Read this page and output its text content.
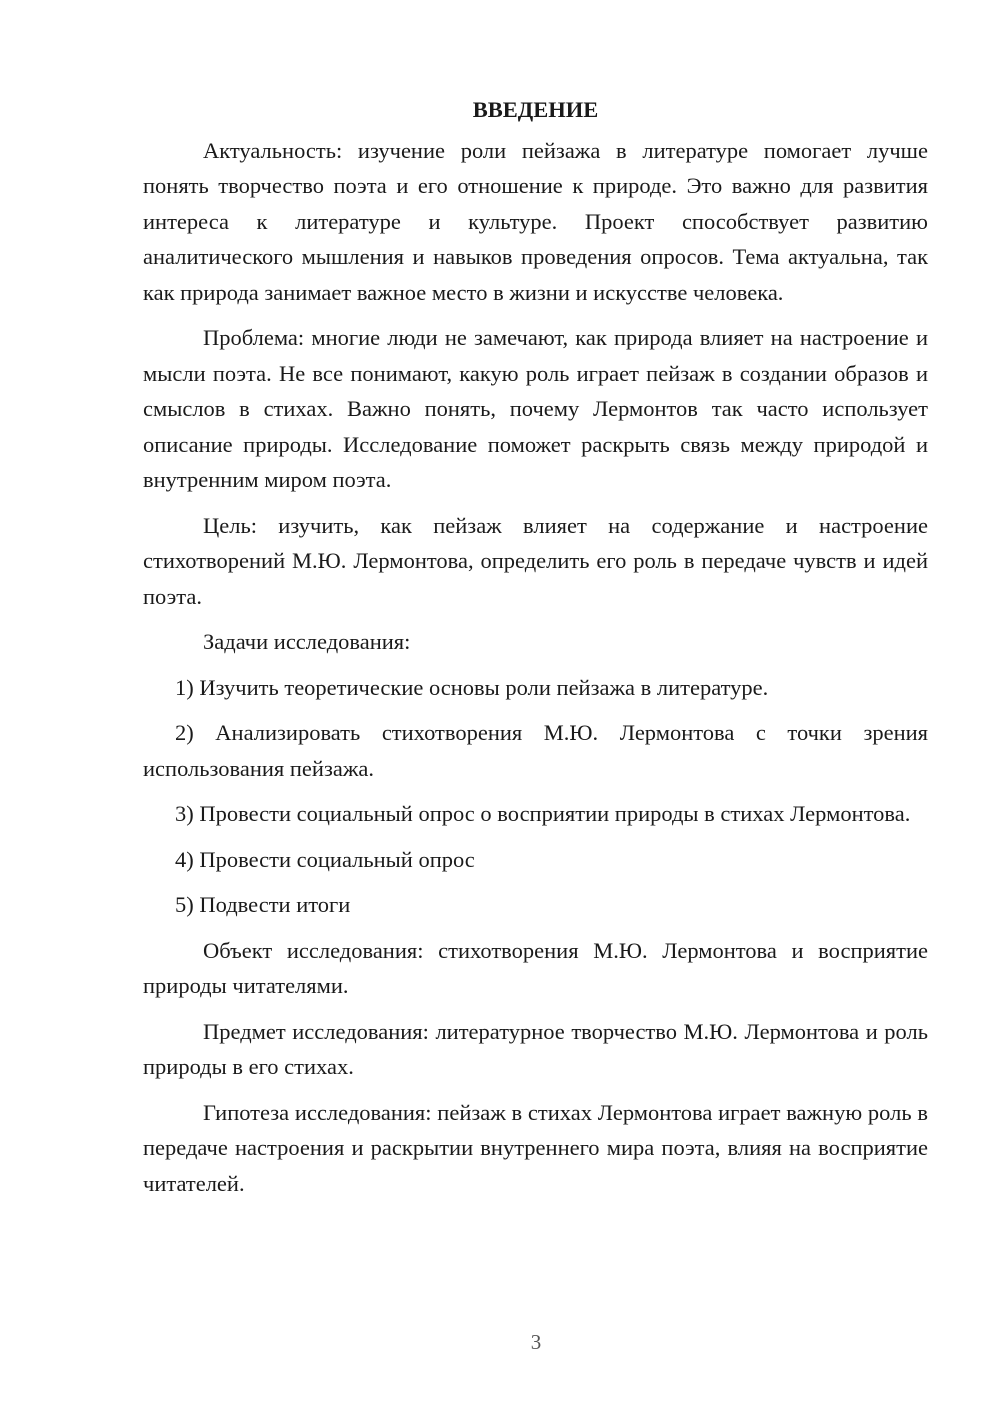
ВВЕДЕНИЕ

Актуальность: изучение роли пейзажа в литературе помогает лучше понять творчество поэта и его отношение к природе. Это важно для развития интереса к литературе и культуре. Проект способствует развитию аналитического мышления и навыков проведения опросов. Тема актуальна, так как природа занимает важное место в жизни и искусстве человека.

Проблема: многие люди не замечают, как природа влияет на настроение и мысли поэта. Не все понимают, какую роль играет пейзаж в создании образов и смыслов в стихах. Важно понять, почему Лермонтов так часто использует описание природы. Исследование поможет раскрыть связь между природой и внутренним миром поэта.

Цель: изучить, как пейзаж влияет на содержание и настроение стихотворений М.Ю. Лермонтова, определить его роль в передаче чувств и идей поэта.

Задачи исследования:

1) Изучить теоретические основы роли пейзажа в литературе.

2) Анализировать стихотворения М.Ю. Лермонтова с точки зрения использования пейзажа.

3) Провести социальный опрос о восприятии природы в стихах Лермонтова.

4) Провести социальный опрос

5) Подвести итоги

Объект исследования: стихотворения М.Ю. Лермонтова и восприятие природы читателями.

Предмет исследования: литературное творчество М.Ю. Лермонтова и роль природы в его стихах.

Гипотеза исследования: пейзаж в стихах Лермонтова играет важную роль в передаче настроения и раскрытии внутреннего мира поэта, влияя на восприятие читателей.

3
